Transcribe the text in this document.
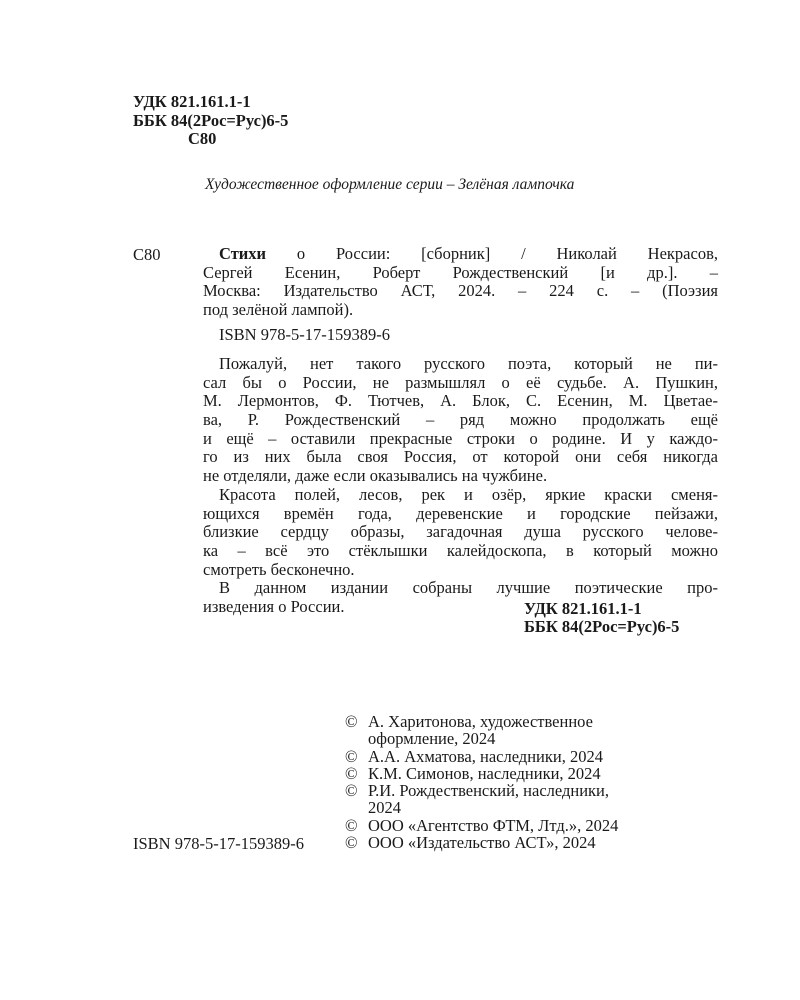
УДК 821.161.1-1
ББК 84(2Рос=Рус)6-5
С80
Художественное оформление серии – Зелёная лампочка
С80	Стихи о России: [сборник] / Николай Некрасов,
Сергей Есенин, Роберт Рождественский [и др.]. –
Москва: Издательство АСТ, 2024. – 224 с. – (Поэзия
под зелёной лампой).
ISBN 978-5-17-159389-6
Пожалуй, нет такого русского поэта, который не пи-
сал бы о России, не размышлял о её судьбе. А. Пушкин,
М. Лермонтов, Ф. Тютчев, А. Блок, С. Есенин, М. Цветае-
ва, Р. Рождественский – ряд можно продолжать ещё
и ещё – оставили прекрасные строки о родине. И у каждо-
го из них была своя Россия, от которой они себя никогда
не отделяли, даже если оказывались на чужбине.
Красота полей, лесов, рек и озёр, яркие краски сменя-
ющихся времён года, деревенские и городские пейзажи,
близкие сердцу образы, загадочная душа русского челове-
ка – всё это стёклышки калейдоскопа, в который можно
смотреть бесконечно.
В данном издании собраны лучшие поэтические про-
изведения о России.	УДК 821.161.1-1
ББК 84(2Рос=Рус)6-5
ISBN 978-5-17-159389-6
© А. Харитонова, художественное
оформление, 2024
© А.А. Ахматова, наследники, 2024
© К.М. Симонов, наследники, 2024
© Р.И. Рождественский, наследники,
2024
© ООО «Агентство ФТМ, Лтд.», 2024
© ООО «Издательство АСТ», 2024
